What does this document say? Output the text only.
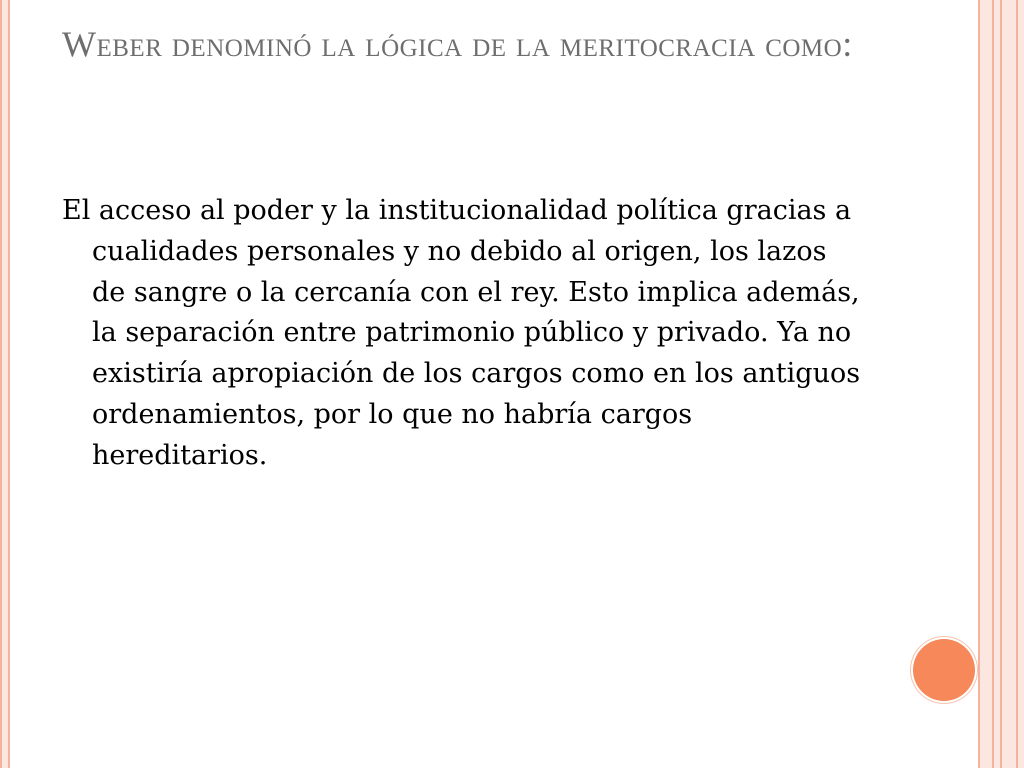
Weber denominó la lógica de la meritocracia como:

El acceso al poder y la institucionalidad política gracias a cualidades personales y no debido al origen, los lazos de sangre o la cercanía con el rey. Esto implica además, la separación entre patrimonio público y privado. Ya no existiría apropiación de los cargos como en los antiguos ordenamientos, por lo que no habría cargos hereditarios.
